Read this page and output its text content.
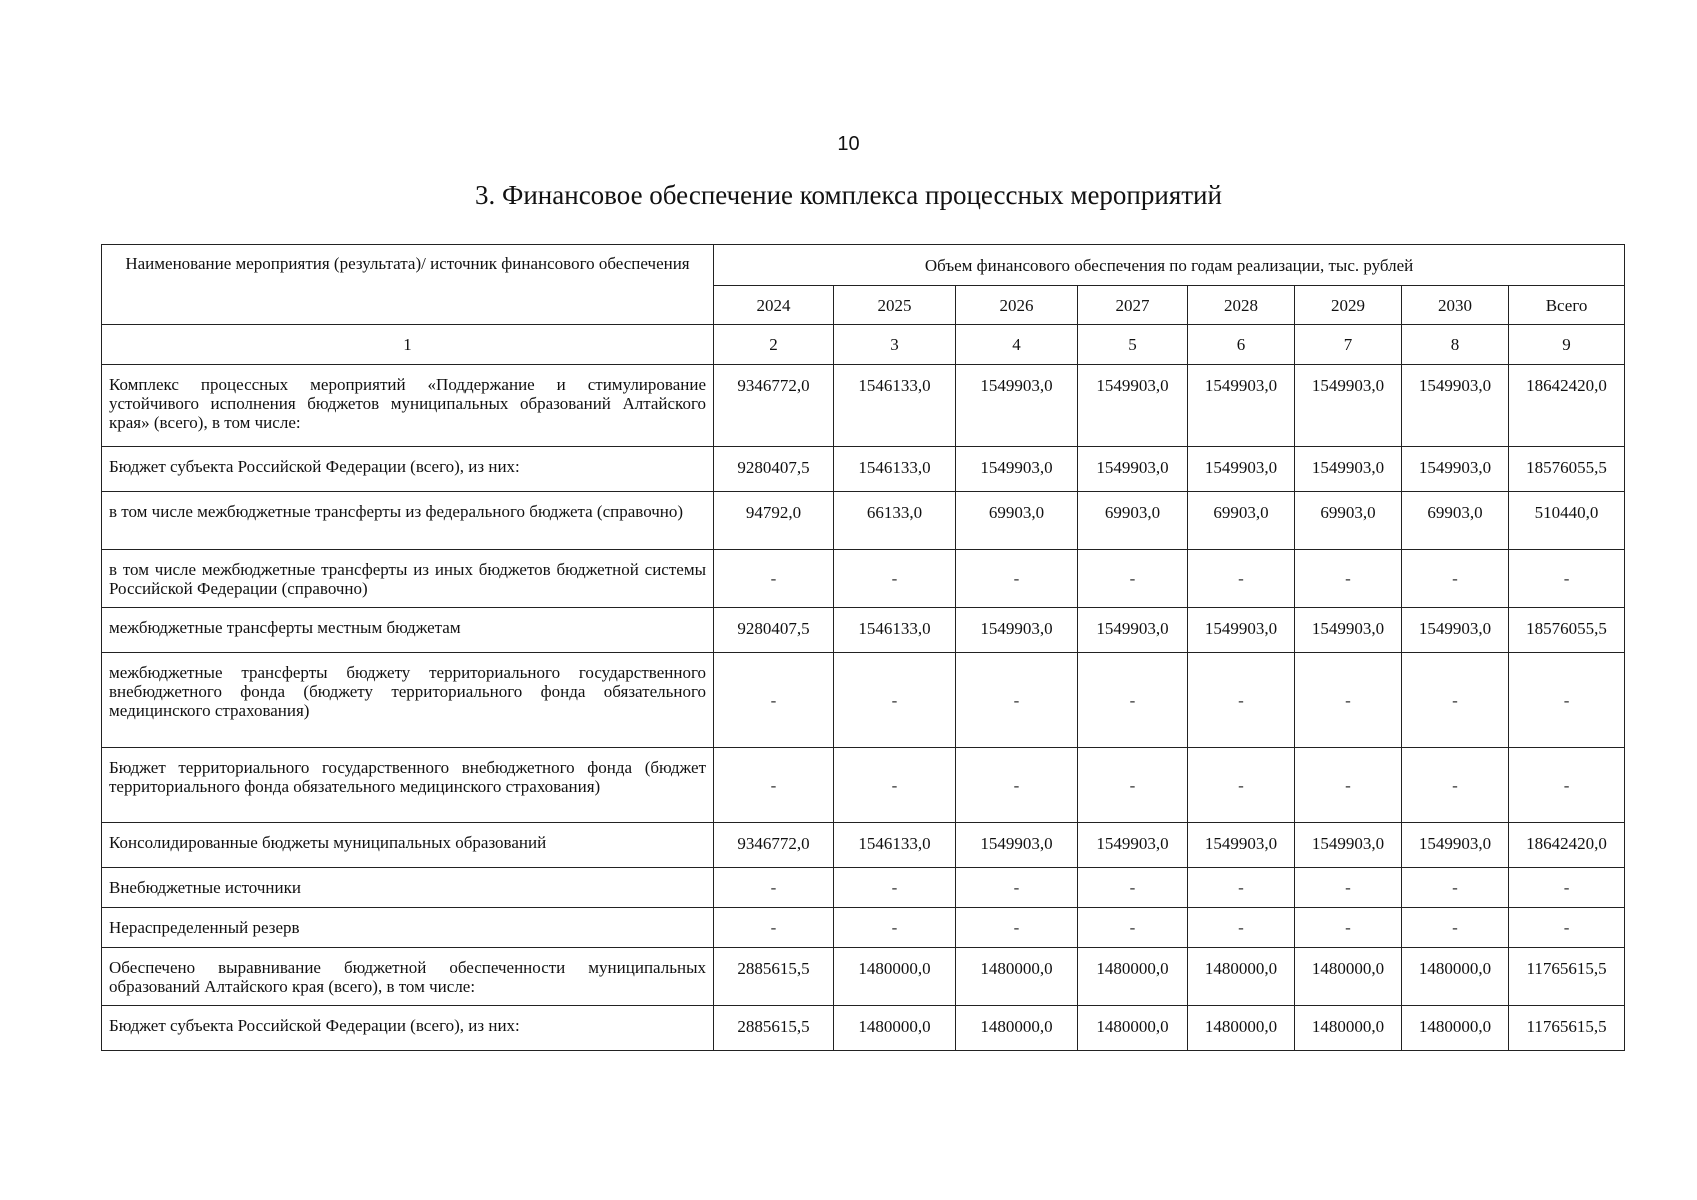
10
3. Финансовое обеспечение комплекса процессных мероприятий
Наименование мероприятия (результата)/ источник финансового обеспечения	Объем финансового обеспечения по годам реализации, тыс. рублей							
	2024	2025	2026	2027	2028	2029	2030	Всего
1	2	3	4	5	6	7	8	9
Комплекс процессных мероприятий «Поддержание и стимулирование устойчивого исполнения бюджетов муниципальных образований Алтайского края» (всего), в том числе:	9346772,0	1546133,0	1549903,0	1549903,0	1549903,0	1549903,0	1549903,0	18642420,0
Бюджет субъекта Российской Федерации (всего), из них:	9280407,5	1546133,0	1549903,0	1549903,0	1549903,0	1549903,0	1549903,0	18576055,5
в том числе межбюджетные трансферты из федерального бюджета (справочно)	94792,0	66133,0	69903,0	69903,0	69903,0	69903,0	69903,0	510440,0
в том числе межбюджетные трансферты из иных бюджетов бюджетной системы Российской Федерации (справочно)	-	-	-	-	-	-	-	-
межбюджетные трансферты местным бюджетам	9280407,5	1546133,0	1549903,0	1549903,0	1549903,0	1549903,0	1549903,0	18576055,5
межбюджетные трансферты бюджету территориального государственного внебюджетного фонда (бюджету территориального фонда обязательного медицинского страхования)	-	-	-	-	-	-	-	-
Бюджет территориального государственного внебюджетного фонда (бюджет территориального фонда обязательного медицинского страхования)	-	-	-	-	-	-	-	-
Консолидированные бюджеты муниципальных образований	9346772,0	1546133,0	1549903,0	1549903,0	1549903,0	1549903,0	1549903,0	18642420,0
Внебюджетные источники	-	-	-	-	-	-	-	-
Нераспределенный резерв	-	-	-	-	-	-	-	-
Обеспечено выравнивание бюджетной обеспеченности муниципальных образований Алтайского края (всего), в том числе:	2885615,5	1480000,0	1480000,0	1480000,0	1480000,0	1480000,0	1480000,0	11765615,5
Бюджет субъекта Российской Федерации (всего), из них:	2885615,5	1480000,0	1480000,0	1480000,0	1480000,0	1480000,0	1480000,0	11765615,5
